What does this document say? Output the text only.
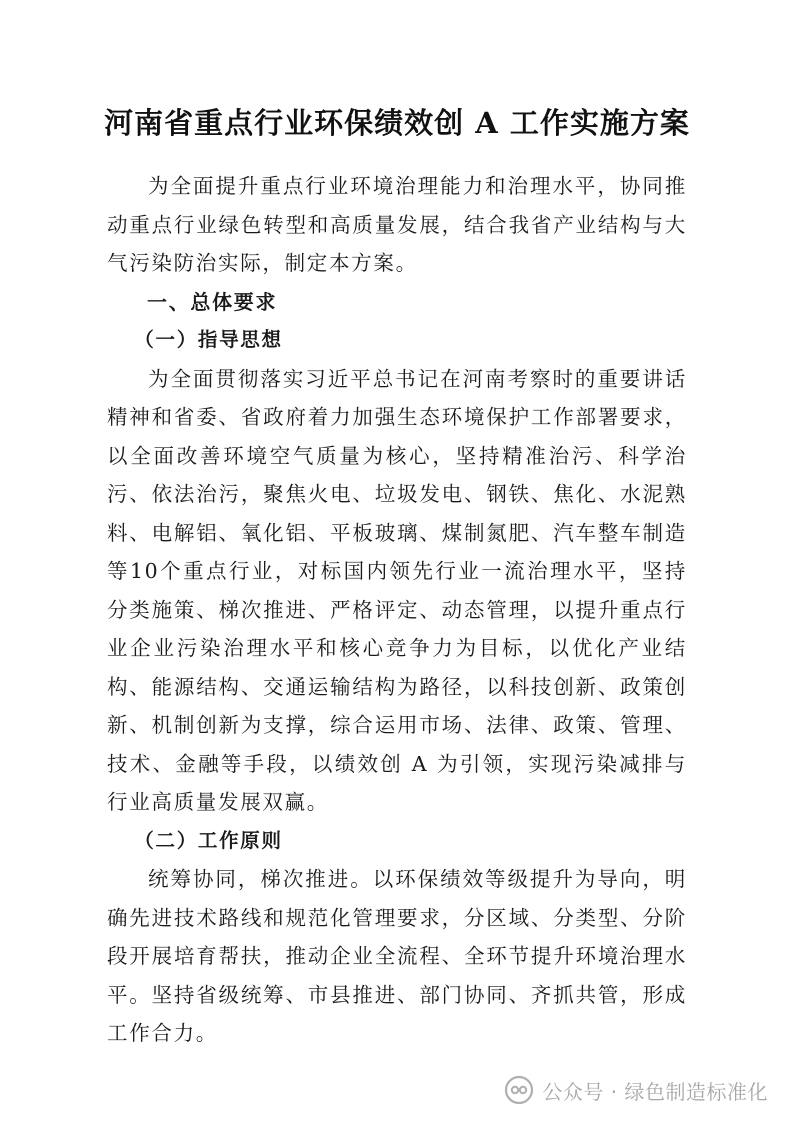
河南省重点行业环保绩效创 A 工作实施方案

为全面提升重点行业环境治理能力和治理水平，协同推动重点行业绿色转型和高质量发展，结合我省产业结构与大气污染防治实际，制定本方案。

一、总体要求

（一）指导思想

为全面贯彻落实习近平总书记在河南考察时的重要讲话精神和省委、省政府着力加强生态环境保护工作部署要求，以全面改善环境空气质量为核心，坚持精准治污、科学治污、依法治污，聚焦火电、垃圾发电、钢铁、焦化、水泥熟料、电解铝、氧化铝、平板玻璃、煤制氮肥、汽车整车制造等10个重点行业，对标国内领先行业一流治理水平，坚持分类施策、梯次推进、严格评定、动态管理，以提升重点行业企业污染治理水平和核心竞争力为目标，以优化产业结构、能源结构、交通运输结构为路径，以科技创新、政策创新、机制创新为支撑，综合运用市场、法律、政策、管理、技术、金融等手段，以绩效创 A 为引领，实现污染减排与行业高质量发展双赢。

（二）工作原则

统筹协同，梯次推进。以环保绩效等级提升为导向，明确先进技术路线和规范化管理要求，分区域、分类型、分阶段开展培育帮扶，推动企业全流程、全环节提升环境治理水平。坚持省级统筹、市县推进、部门协同、齐抓共管，形成工作合力。

公众号 · 绿色制造标准化
